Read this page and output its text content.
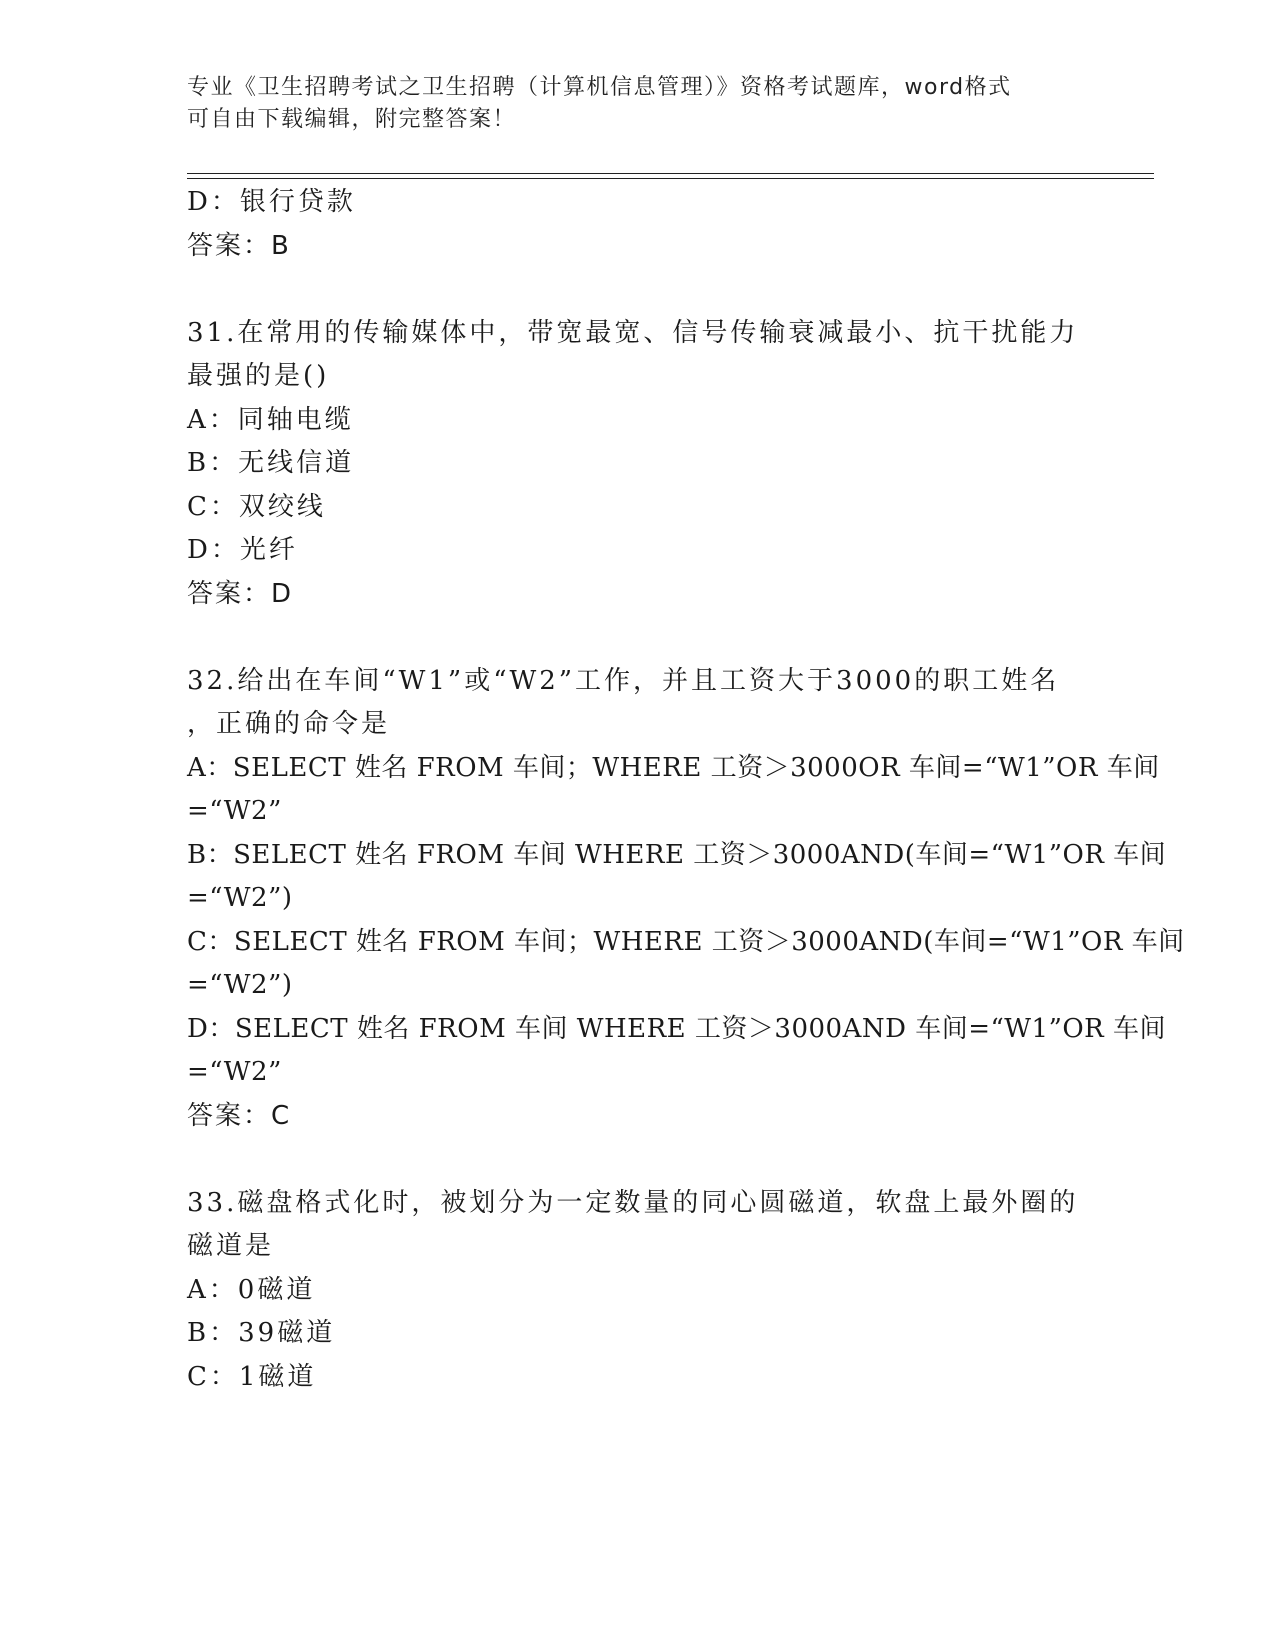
专业《卫生招聘考试之卫生招聘（计算机信息管理）》资格考试题库，word格式
可自由下载编辑，附完整答案！
D：银行贷款
答案：B
31.在常用的传输媒体中，带宽最宽、信号传输衰减最小、抗干扰能力
最强的是()
A：同轴电缆
B：无线信道
C：双绞线
D：光纤
答案：D
32.给出在车间“W1”或“W2”工作，并且工资大于3000的职工姓名
，正确的命令是
A：SELECT 姓名 FROM 车间；WHERE 工资＞3000OR 车间=“W1”OR 车间
=“W2”
B：SELECT 姓名 FROM 车间 WHERE 工资＞3000AND(车间=“W1”OR 车间
=“W2”)
C：SELECT 姓名 FROM 车间；WHERE 工资＞3000AND(车间=“W1”OR 车间
=“W2”)
D：SELECT 姓名 FROM 车间 WHERE 工资＞3000AND 车间=“W1”OR 车间
=“W2”
答案：C
33.磁盘格式化时，被划分为一定数量的同心圆磁道，软盘上最外圈的
磁道是
A：0磁道
B：39磁道
C：1磁道
